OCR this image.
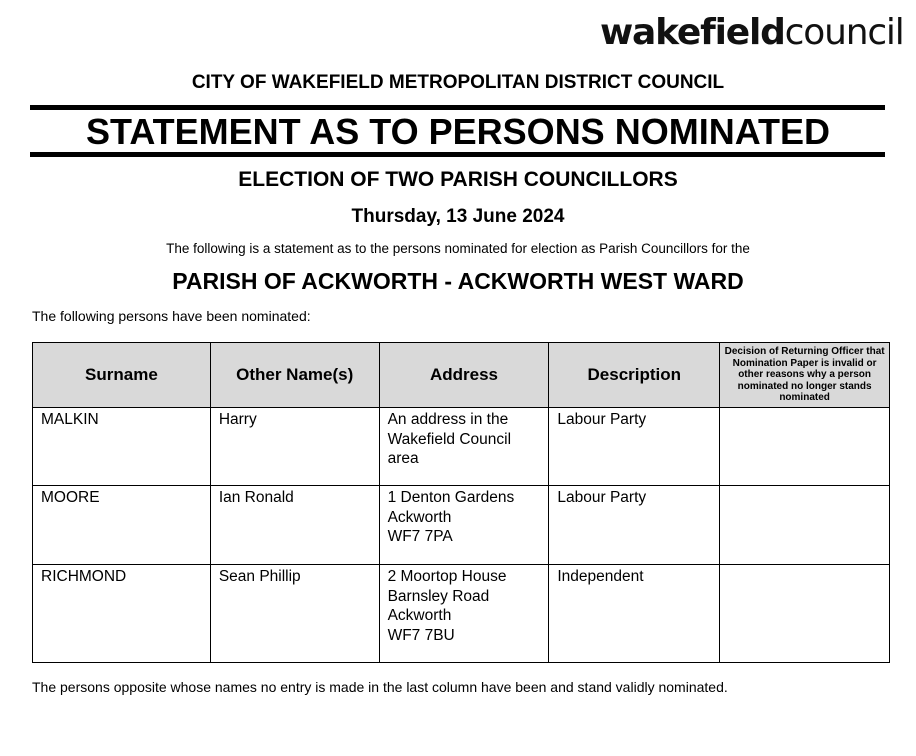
wakefieldcouncil
CITY OF WAKEFIELD METROPOLITAN DISTRICT COUNCIL
STATEMENT AS TO PERSONS NOMINATED
ELECTION OF TWO PARISH COUNCILLORS
Thursday, 13 June 2024
The following is a statement as to the persons nominated for election as Parish Councillors for the
PARISH OF ACKWORTH - ACKWORTH WEST WARD
The following persons have been nominated:
Surname	Other Name(s)	Address	Description	Decision of Returning Officer that Nomination Paper is invalid or other reasons why a person nominated no longer stands nominated
MALKIN	Harry	An address in the
Wakefield Council
area	Labour Party	
MOORE	Ian Ronald	1 Denton Gardens
Ackworth
WF7 7PA	Labour Party	
RICHMOND	Sean Phillip	2 Moortop House
Barnsley Road
Ackworth
WF7 7BU	Independent	
The persons opposite whose names no entry is made in the last column have been and stand validly nominated.
